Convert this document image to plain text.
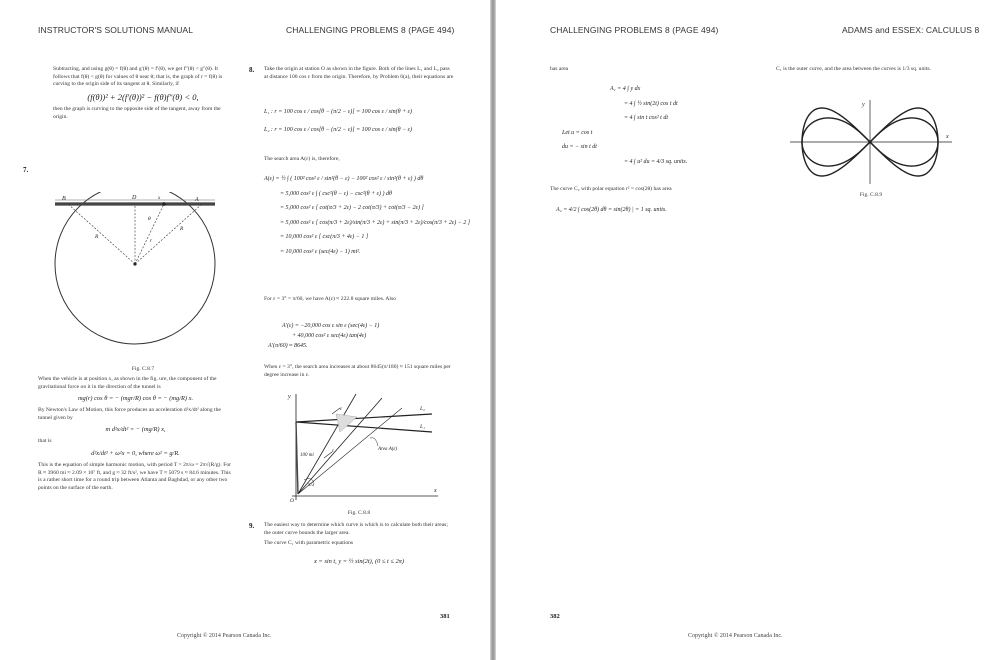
INSTRUCTOR'S SOLUTIONS MANUAL	CHALLENGING PROBLEMS 8 (PAGE 494)

Subtracting, and using g(θ) = f(θ) and g′(θ) = f′(θ), we get f″(θ) < g″(θ). It follows that f(θ) < g(θ) for values of θ near θ; that is, the graph of r = f(θ) is curving to the origin side of its tangent at θ. Similarly, if

(f(θ))² + 2(f′(θ))² − f(θ)f″(θ) < 0,

then the graph is curving to the opposite side of the tangent, away from the origin.

7.
B	D	A
x
R
θ
r
R
Fig. C.8.7

When the vehicle is at position x, as shown in the fig. ure, the component of the gravitational force on it in the direction of the tunnel is

mg(r) cos θ = − (mgr/R) cos θ = − (mg/R) x.

By Newton's Law of Motion, this force produces an acceleration d²x/dt² along the tunnel given by

m d²x/dt² = − (mg/R) x,

that is

d²x/dt² + ω²x = 0, where ω² = g/R.

This is the equation of simple harmonic motion, with period T = 2π/ω = 2π√(R/g). For R ≈ 3960 mi ≈ 2.09 × 10⁷ ft, and g ≈ 32 ft/s², we have T ≈ 5079 s ≈ 84.6 minutes. This is a rather short time for a round trip between Atlanta and Baghdad, or any other two points on the surface of the earth.

8. Take the origin at station O as shown in the figure. Both of the lines L₁ and L₂ pass at distance 100 cos ε from the origin. Therefore, by Problem 6(a), their equations are

L₁ : r = 100 cos ε / cos[θ − (π/2 − ε)] = 100 cos ε / sin(θ + ε)
L₂ : r = 100 cos ε / cos[θ − (π/2 − ε)] = 100 cos ε / sin(θ − ε)

The search area A(ε) is, therefore,

A(ε) = ½ ∫ ( 100² cos² ε / sin²(θ − ε) − 100² cos² ε / sin²(θ + ε) ) dθ
= 5,000 cos² ε ∫ ( csc²(θ − ε) − csc²(θ + ε) ) dθ
= 5,000 cos² ε [ cot(π/3 + 2ε) − 2 cot(π/3) + cot(π/3 − 2ε) ]
= 5,000 cos² ε [ cos(π/3 + 2ε)/sin(π/3 + 2ε) + sin(π/3 + 2ε)/cos(π/3 + 2ε) − 2 ]
= 10,000 cos² ε [ csc(π/3 + 4ε) − 1 ]
= 10,000 cos² ε (sec(4ε) − 1) mi².

For ε = 3° = π/60, we have A(ε) ≈ 222.8 square miles. Also

A′(ε) = −20,000 cos ε sin ε (sec(4ε) − 1)
+ 40,000 cos² ε sec(4ε) tan(4ε)
A′(π/60) ≈ 8645.

When ε = 3°, the search area increases at about 8645(π/180) ≈ 151 square miles per degree increase in ε.

y
L₂
L₁
Area A(ε)
100 mi
π/3
O
x
ε
ε
Fig. C.8.8
9. The easiest way to determine which curve is which is to calculate both their areas; the outer curve bounds the larger area.

The curve C₁ with parametric equations

x = sin t, y = ½ sin(2t), (0 ≤ t ≤ 2π)
381
Copyright © 2014 Pearson Canada Inc.
CHALLENGING PROBLEMS 8 (PAGE 494)	ADAMS and ESSEX: CALCULUS 8

has area

A₁ = 4 ∫ y dx
= 4 ∫ ½ sin(2t) cos t dt
= 4 ∫ sin t cos² t dt
Let u = cos t
du = − sin t dt
= 4 ∫ u² du = 4/3 sq. units.

The curve C₂ with polar equation r² = cos(2θ) has area

A₂ = 4/2 ∫ cos(2θ) dθ = sin(2θ) | = 1 sq. units.

C₁ is the outer curve, and the area between the curves is 1/3 sq. units.

y
x
Fig. C.8.9
382
Copyright © 2014 Pearson Canada Inc.
